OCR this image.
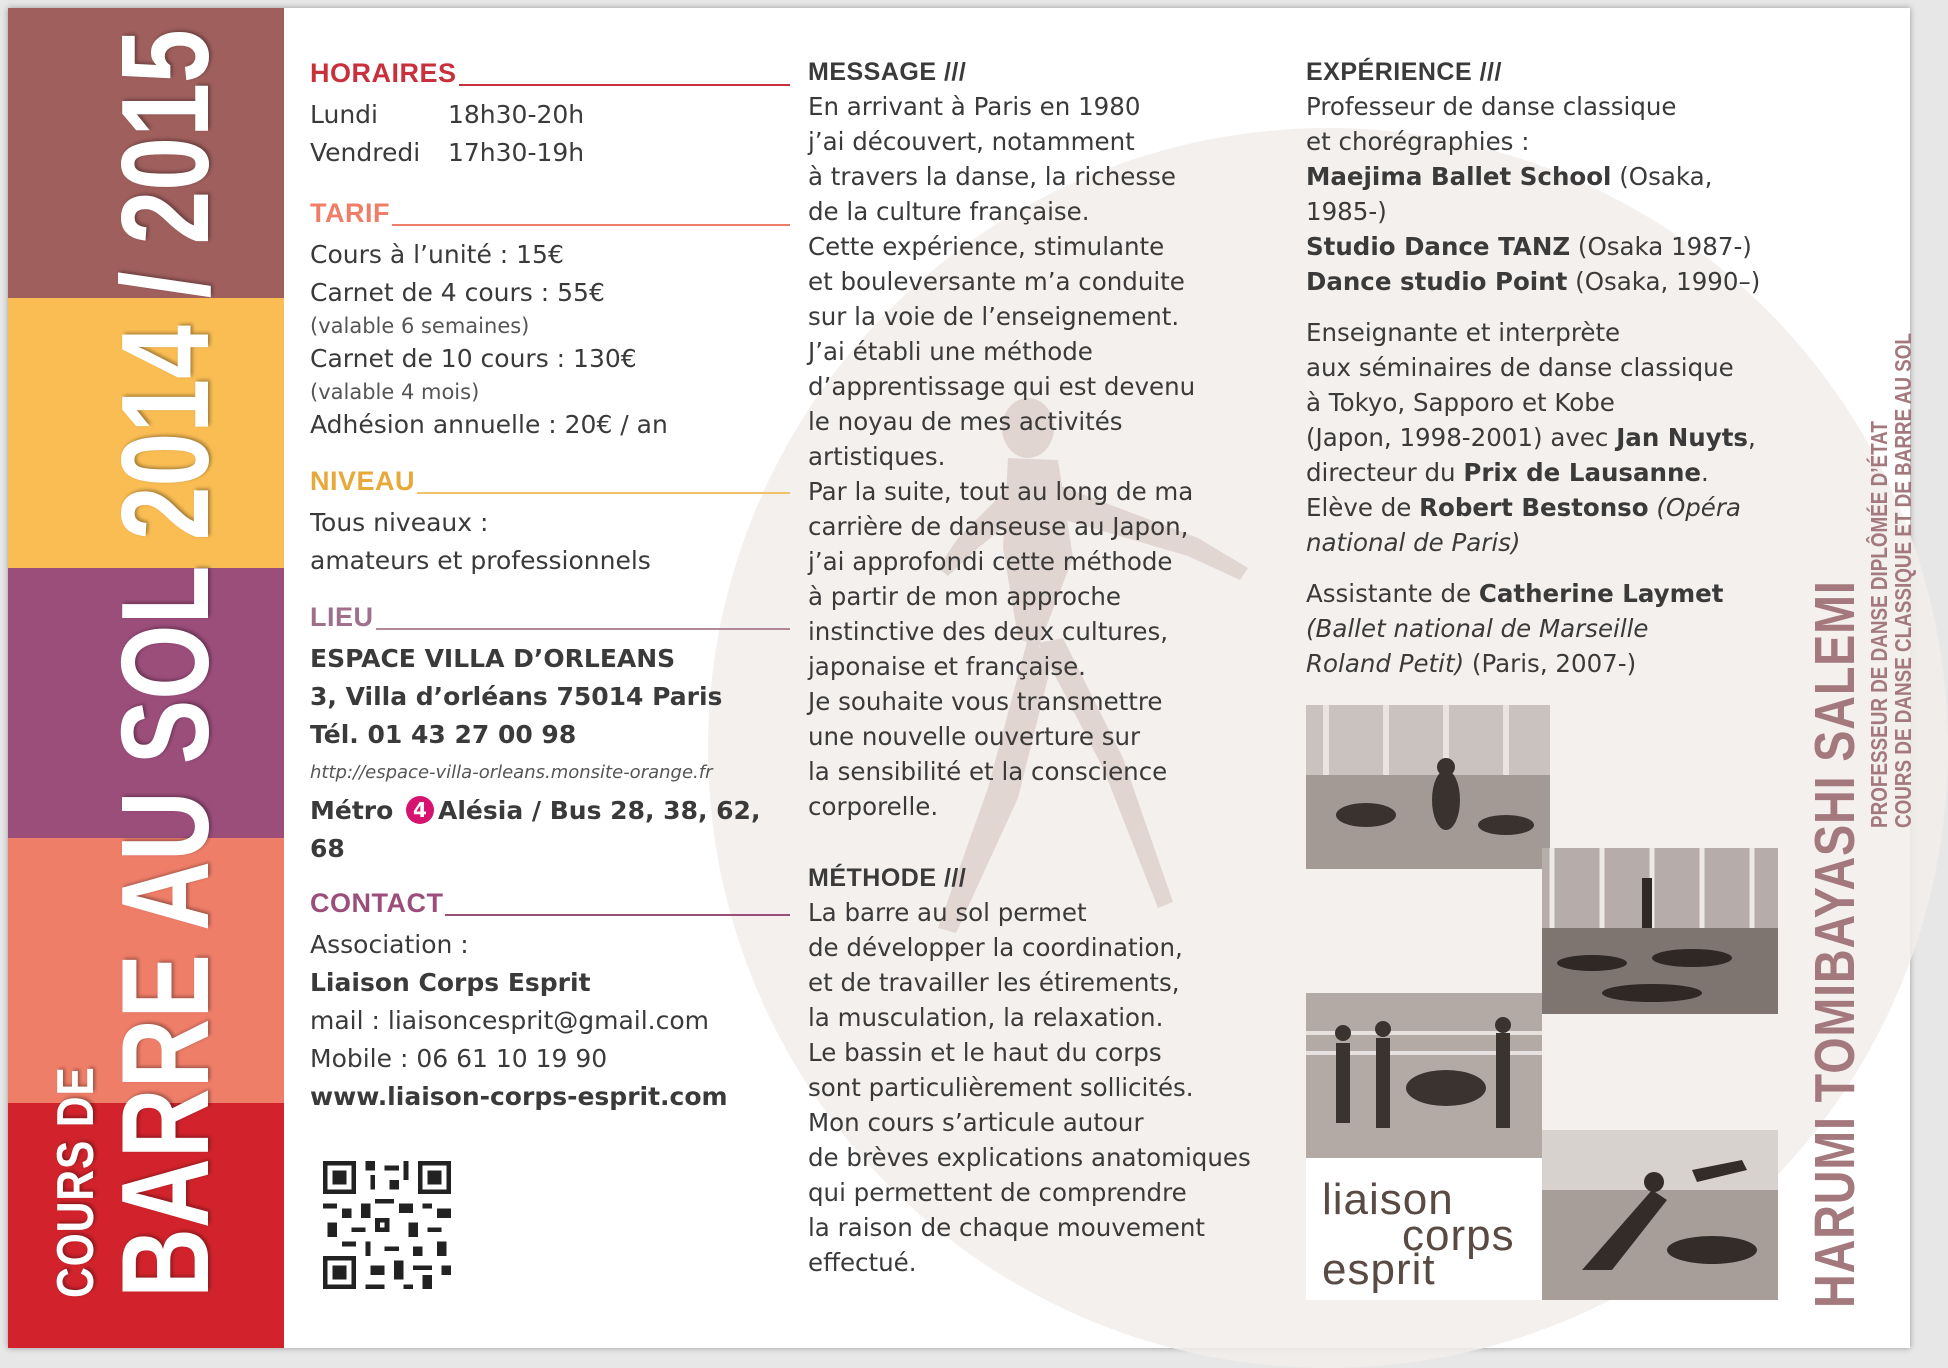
COURS DE
BARRE AU SOL 2014 / 2015	HORAIRES
Lundi	18h30-20h
Vendredi	17h30-19h
TARIF
Cours à l’unité : 15€
Carnet de 4 cours : 55€
(valable 6 semaines)
Carnet de 10 cours : 130€
(valable 4 mois)
Adhésion annuelle : 20€ / an
NIVEAU
Tous niveaux :
amateurs et professionnels
LIEU
ESPACE VILLA D’ORLEANS
3, Villa d’orléans 75014 Paris
Tél. 01 43 27 00 98
http://espace-villa-orleans.monsite-orange.fr
Métro 4 Alésia / Bus 28, 38, 62, 68
CONTACT
Association :
Liaison Corps Esprit
mail : liaisoncesprit@gmail.com
Mobile : 06 61 10 19 90
www.liaison-corps-esprit.com
MESSAGE ///
En arrivant à Paris en 1980
j’ai découvert, notamment
à travers la danse, la richesse
de la culture française.
Cette expérience, stimulante
et bouleversante m’a conduite
sur la voie de l’enseignement.
J’ai établi une méthode
d’apprentissage qui est devenu
le noyau de mes activités
artistiques.
Par la suite, tout au long de ma
carrière de danseuse au Japon,
j’ai approfondi cette méthode
à partir de mon approche
instinctive des deux cultures,
japonaise et française.
Je souhaite vous transmettre
une nouvelle ouverture sur
la sensibilité et la conscience
corporelle.
MÉTHODE ///
La barre au sol permet
de développer la coordination,
et de travailler les étirements,
la musculation, la relaxation.
Le bassin et le haut du corps
sont particulièrement sollicités.
Mon cours s’articule autour
de brèves explications anatomiques
qui permettent de comprendre
la raison de chaque mouvement
effectué.
EXPÉRIENCE ///
Professeur de danse classique
et chorégraphies :
Maejima Ballet School (Osaka,
1985-)
Studio Dance TANZ (Osaka 1987-)
Dance studio Point (Osaka, 1990–)
Enseignante et interprète
aux séminaires de danse classique
à Tokyo, Sapporo et Kobe
(Japon, 1998-2001) avec Jan Nuyts,
directeur du Prix de Lausanne.
Elève de Robert Bestonso (Opéra
national de Paris)
Assistante de Catherine Laymet
(Ballet national de Marseille
Roland Petit) (Paris, 2007-)
liaison
corps
esprit	HARUMI TOMIBAYASHI SALEMI PROFESSEUR DE DANSE DIPLÔMÉE D’ÉTAT
COURS DE DANSE CLASSIQUE ET DE BARRE AU SOL
